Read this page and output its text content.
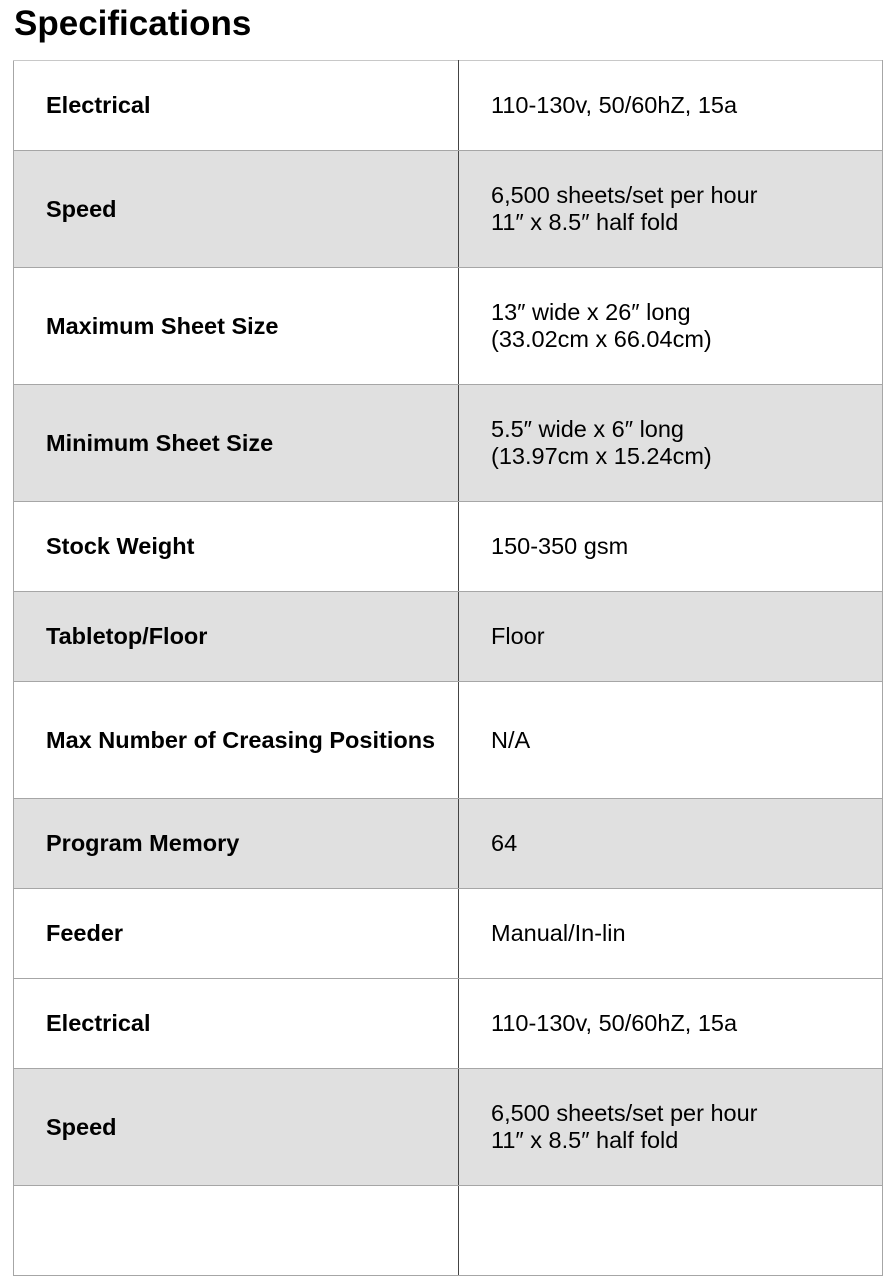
Specifications
Electrical	110-130v, 50/60hZ, 15a

Speed	6,500 sheets/set per hour
11″ x 8.5″ half fold

Maximum Sheet Size	13″ wide x 26″ long
(33.02cm x 66.04cm)

Minimum Sheet Size	5.5″ wide x 6″ long
(13.97cm x 15.24cm)

Stock Weight	150-350 gsm

Tabletop/Floor	Floor

Max Number of Creasing Positions	N/A

Program Memory	64

Feeder	Manual/In-lin

Electrical	110-130v, 50/60hZ, 15a

Speed	6,500 sheets/set per hour
11″ x 8.5″ half fold
